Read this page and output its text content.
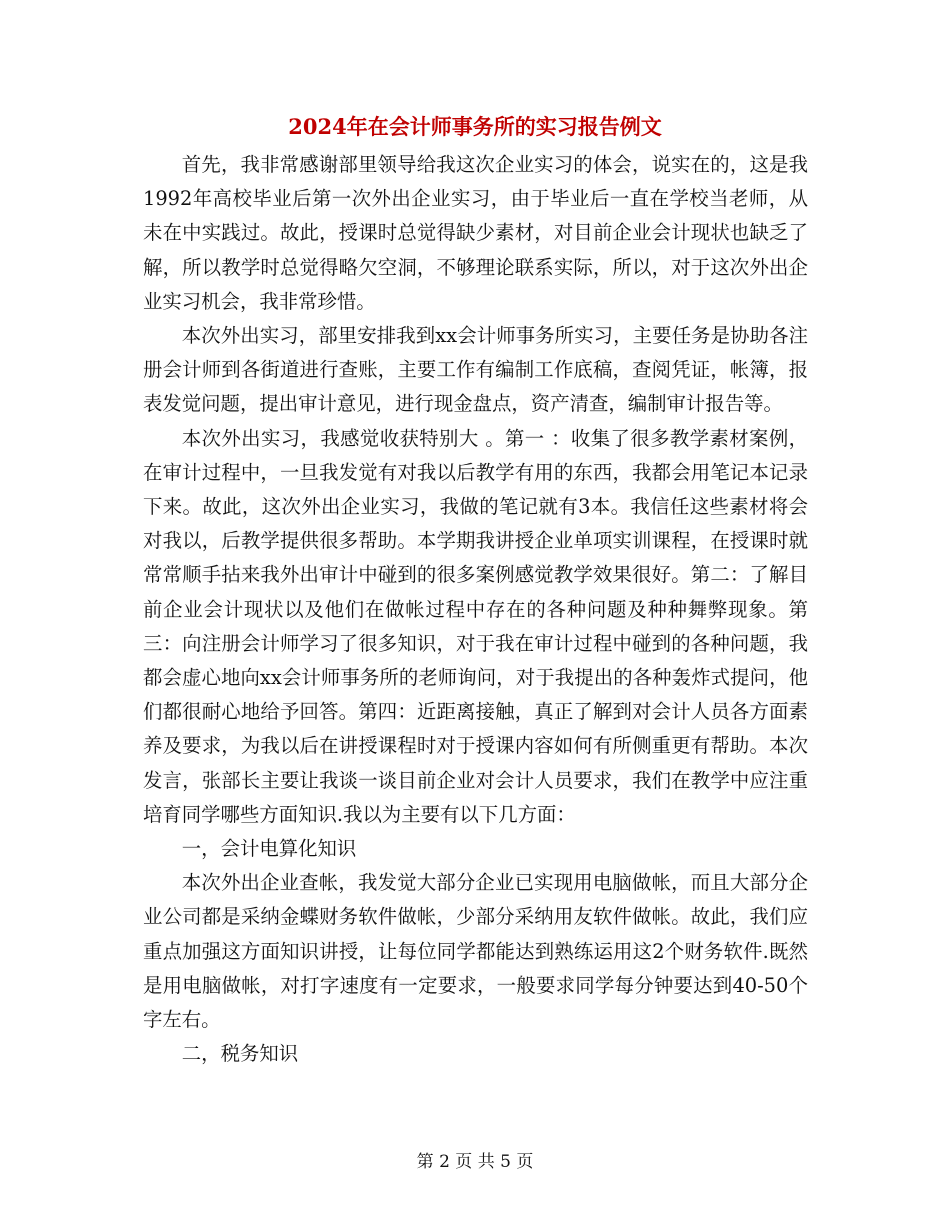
2024年在会计师事务所的实习报告例文

首先，我非常感谢部里领导给我这次企业实习的体会，说实在的，这是我1992年高校毕业后第一次外出企业实习，由于毕业后一直在学校当老师，从未在中实践过。故此，授课时总觉得缺少素材，对目前企业会计现状也缺乏了解，所以教学时总觉得略欠空洞，不够理论联系实际，所以，对于这次外出企业实习机会，我非常珍惜。

本次外出实习，部里安排我到xx会计师事务所实习，主要任务是协助各注册会计师到各街道进行查账，主要工作有编制工作底稿，查阅凭证，帐簿，报表发觉问题，提出审计意见，进行现金盘点，资产清查，编制审计报告等。

本次外出实习，我感觉收获特别大 。第一 ：收集了很多教学素材案例，在审计过程中，一旦我发觉有对我以后教学有用的东西，我都会用笔记本记录下来。故此，这次外出企业实习，我做的笔记就有3本。我信任这些素材将会对我以，后教学提供很多帮助。本学期我讲授企业单项实训课程，在授课时就常常顺手拈来我外出审计中碰到的很多案例感觉教学效果很好。第二：了解目前企业会计现状以及他们在做帐过程中存在的各种问题及种种舞弊现象。第三：向注册会计师学习了很多知识，对于我在审计过程中碰到的各种问题，我都会虚心地向xx会计师事务所的老师询问，对于我提出的各种轰炸式提问，他们都很耐心地给予回答。第四：近距离接触，真正了解到对会计人员各方面素养及要求，为我以后在讲授课程时对于授课内容如何有所侧重更有帮助。本次发言，张部长主要让我谈一谈目前企业对会计人员要求，我们在教学中应注重培育同学哪些方面知识.我以为主要有以下几方面：

一，会计电算化知识

本次外出企业查帐，我发觉大部分企业已实现用电脑做帐，而且大部分企业公司都是采纳金蝶财务软件做帐，少部分采纳用友软件做帐。故此，我们应重点加强这方面知识讲授，让每位同学都能达到熟练运用这2个财务软件.既然是用电脑做帐，对打字速度有一定要求，一般要求同学每分钟要达到40-50个字左右。

二，税务知识

第 2 页 共 5 页
